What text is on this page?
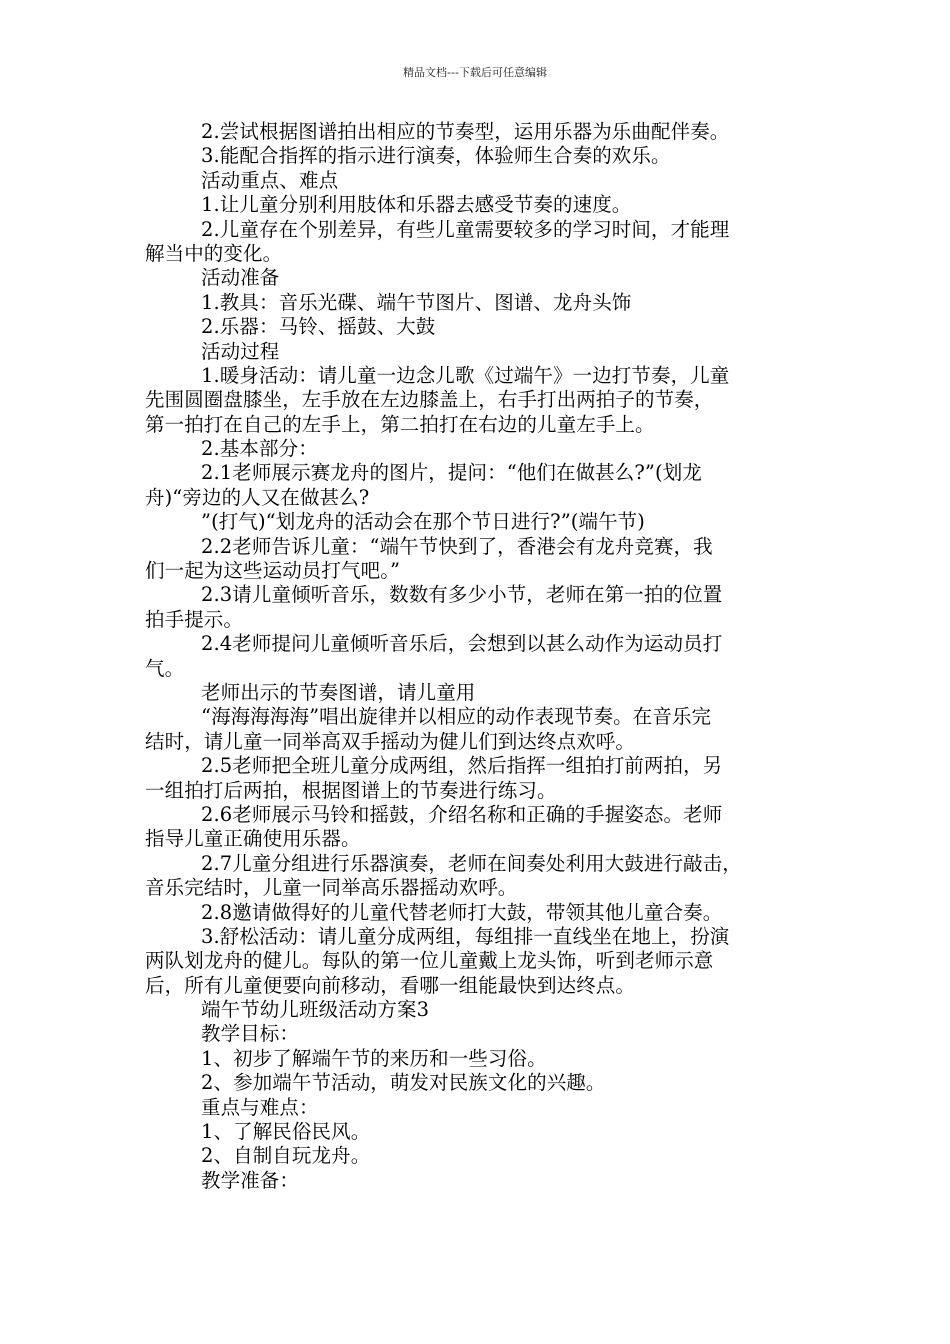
精品文档---下载后可任意编辑
2.尝试根据图谱拍出相应的节奏型，运用乐器为乐曲配伴奏。
3.能配合指挥的指示进行演奏，体验师生合奏的欢乐。
活动重点、难点
1.让儿童分别利用肢体和乐器去感受节奏的速度。
2.儿童存在个别差异，有些儿童需要较多的学习时间，才能理
解当中的变化。
活动准备
1.教具：音乐光碟、端午节图片、图谱、龙舟头饰
2.乐器：马铃、摇鼓、大鼓
活动过程
1.暖身活动：请儿童一边念儿歌《过端午》一边打节奏，儿童
先围圆圈盘膝坐，左手放在左边膝盖上，右手打出两拍子的节奏，
第一拍打在自己的左手上，第二拍打在右边的儿童左手上。
2.基本部分：
2.1老师展示赛龙舟的图片，提问：“他们在做甚么?”(划龙
舟)“旁边的人又在做甚么?
”(打气)“划龙舟的活动会在那个节日进行?”(端午节)
2.2老师告诉儿童：“端午节快到了，香港会有龙舟竞赛，我
们一起为这些运动员打气吧。”
2.3请儿童倾听音乐，数数有多少小节，老师在第一拍的位置
拍手提示。
2.4老师提问儿童倾听音乐后，会想到以甚么动作为运动员打
气。
老师出示的节奏图谱，请儿童用
“海海海海海”唱出旋律并以相应的动作表现节奏。在音乐完
结时，请儿童一同举高双手摇动为健儿们到达终点欢呼。
2.5老师把全班儿童分成两组，然后指挥一组拍打前两拍，另
一组拍打后两拍，根据图谱上的节奏进行练习。
2.6老师展示马铃和摇鼓，介绍名称和正确的手握姿态。老师
指导儿童正确使用乐器。
2.7儿童分组进行乐器演奏，老师在间奏处利用大鼓进行敲击，
音乐完结时，儿童一同举高乐器摇动欢呼。
2.8邀请做得好的儿童代替老师打大鼓，带领其他儿童合奏。
3.舒松活动：请儿童分成两组，每组排一直线坐在地上，扮演
两队划龙舟的健儿。每队的第一位儿童戴上龙头饰，听到老师示意
后，所有儿童便要向前移动，看哪一组能最快到达终点。
端午节幼儿班级活动方案3
教学目标：
1、初步了解端午节的来历和一些习俗。
2、参加端午节活动，萌发对民族文化的兴趣。
重点与难点：
1、了解民俗民风。
2、自制自玩龙舟。
教学准备：
